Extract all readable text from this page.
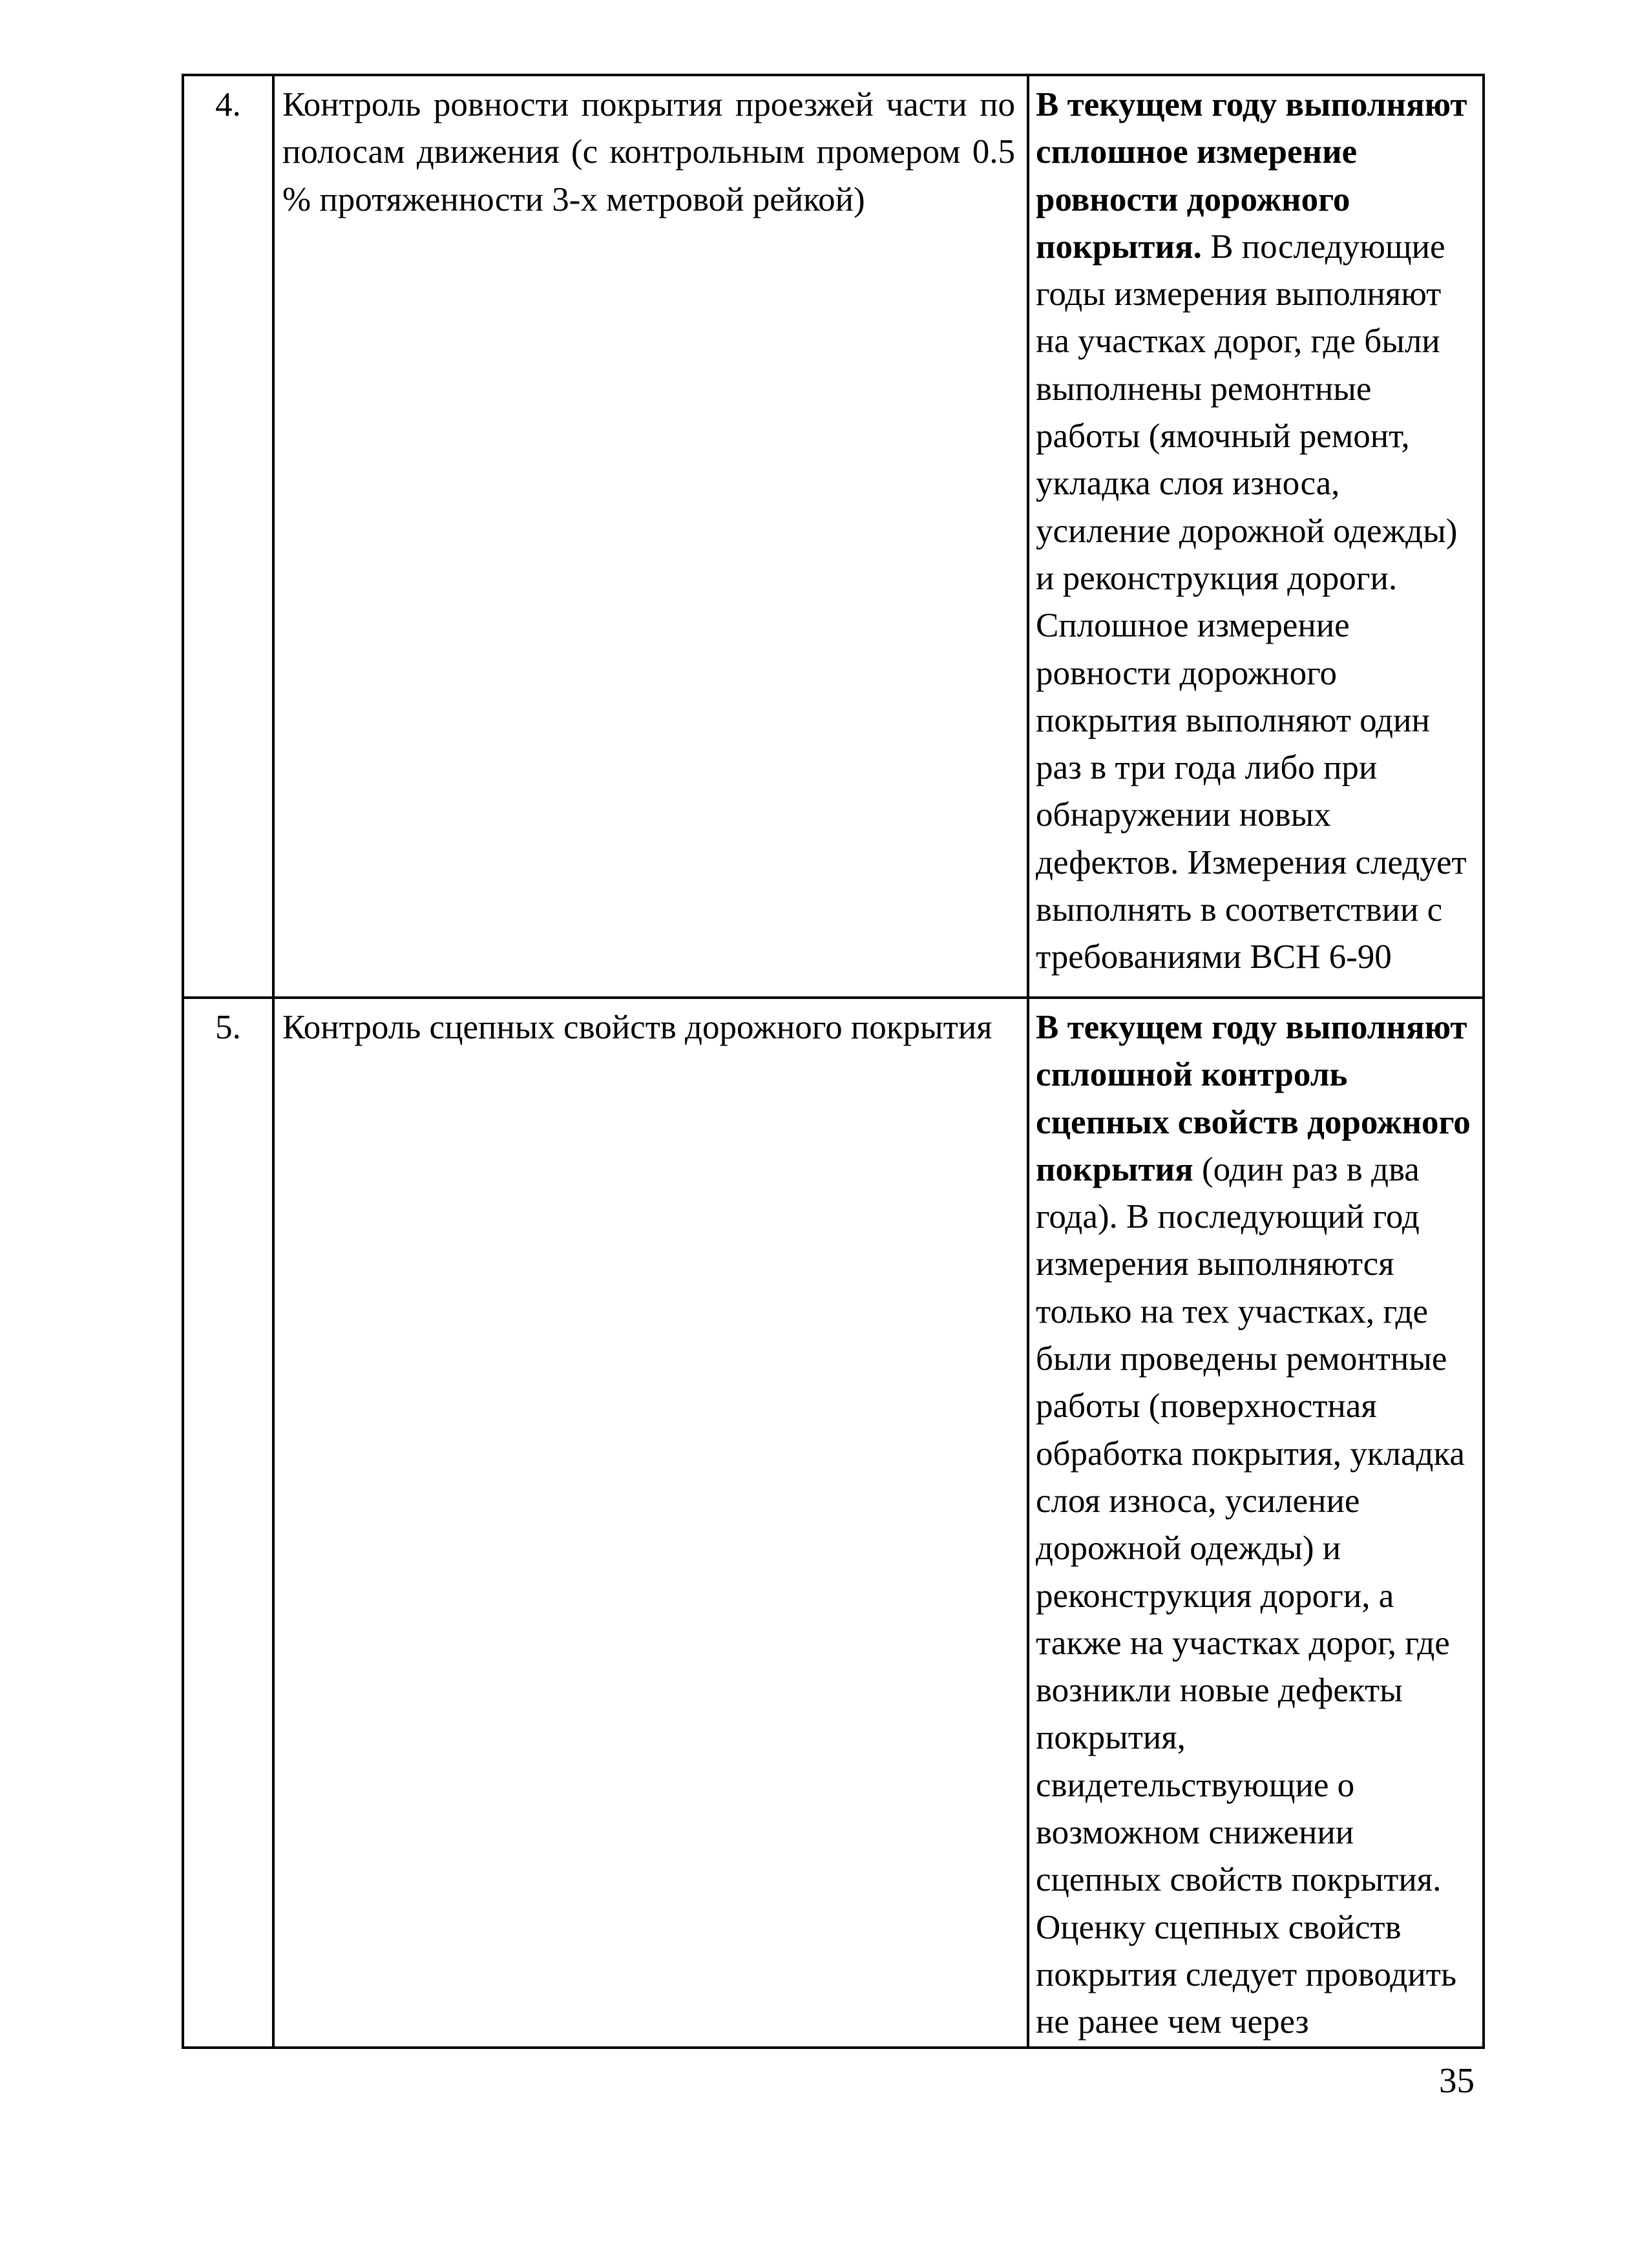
4.	Контроль ровности покрытия проезжей части по полосам движения (с контрольным промером 0.5 % протяженности 3-х метровой рейкой)	В текущем году выполняют сплошное измерение ровности дорожного покрытия. В последующие годы измерения выполняют на участках дорог, где были выполнены ремонтные работы (ямочный ремонт, укладка слоя износа, усиление дорожной одежды) и реконструкция дороги. Сплошное измерение ровности дорожного покрытия выполняют один раз в три года либо при обнаружении новых дефектов. Измерения следует выполнять в соответствии с требованиями ВСН 6-90
5.	Контроль сцепных свойств дорожного покрытия	В текущем году выполняют сплошной контроль сцепных свойств дорожного покрытия (один раз в два года). В последующий год измерения выполняются только на тех участках, где были проведены ремонтные работы (поверхностная обработка покрытия, укладка слоя износа, усиление дорожной одежды) и реконструкция дороги, а также на участках дорог, где возникли новые дефекты покрытия, свидетельствующие о возможном снижении сцепных свойств покрытия. Оценку сцепных свойств покрытия следует проводить не ранее чем через
35
